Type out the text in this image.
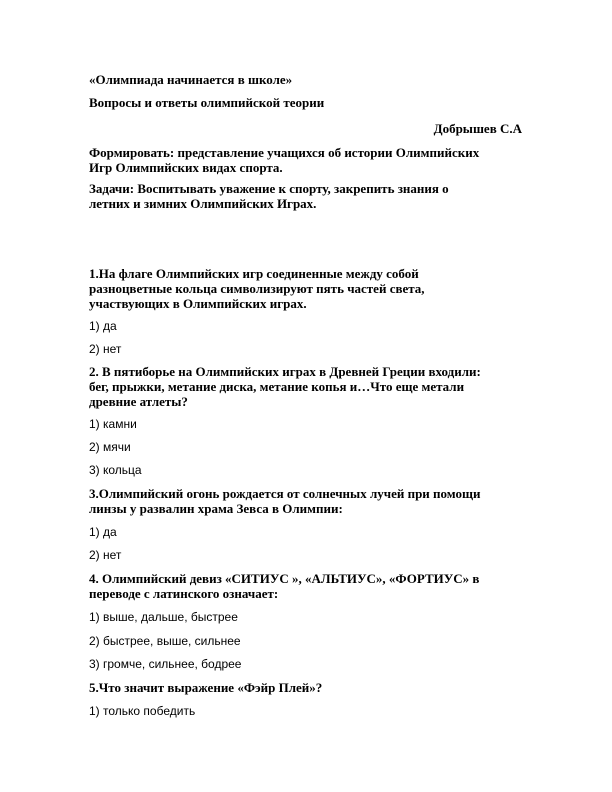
«Олимпиада начинается в школе»
Вопросы и ответы олимпийской теории
Добрышев С.А
Формировать: представление учащихся об истории Олимпийских
Игр Олимпийских видах спорта.
Задачи: Воспитывать уважение к спорту, закрепить знания о
летних и зимних Олимпийских Играх.
1.На флаге Олимпийских игр соединенные между собой
разноцветные кольца символизируют пять частей света,
участвующих в Олимпийских играх.
1) да
2) нет
2. В пятиборье на Олимпийских играх в Древней Греции входили:
бег, прыжки, метание диска, метание копья и…Что еще метали
древние атлеты?
1) камни
2) мячи
3) кольца
3.Олимпийский огонь рождается от солнечных лучей при помощи
линзы у развалин храма Зевса в Олимпии:
1) да
2) нет
4. Олимпийский девиз «СИТИУС », «АЛЬТИУС», «ФОРТИУС» в
переводе с латинского означает:
1) выше, дальше, быстрее
2) быстрее, выше, сильнее
3) громче, сильнее, бодрее
5.Что значит выражение «Фэйр Плей»?
1) только победить
